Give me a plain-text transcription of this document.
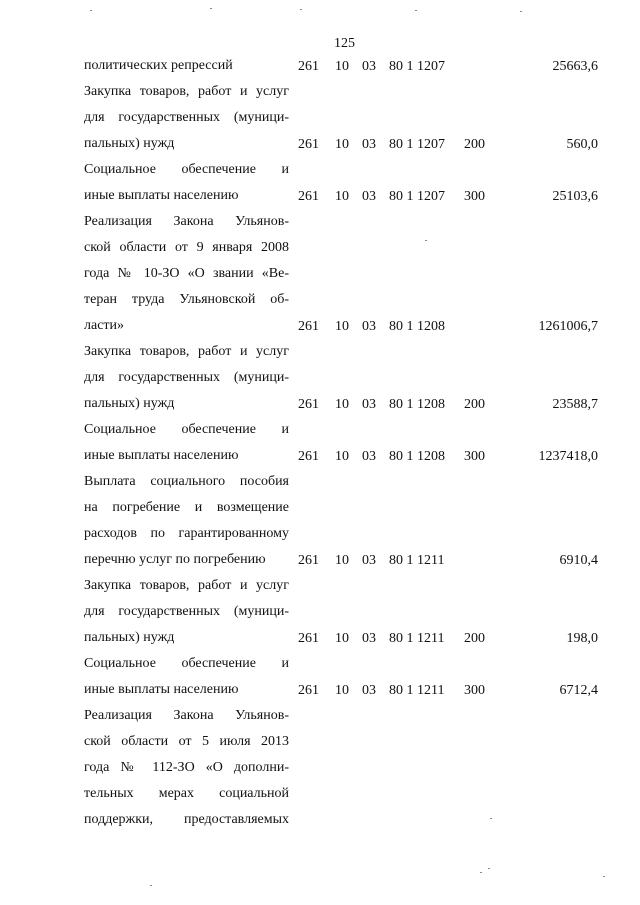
125
политических репрессий	261 10 03 80 1 1207	25663,6
Закупка товаров, работ и услуг
для государственных (муници-
пальных) нужд	261 10 03 80 1 1207 200	560,0
Социальное обеспечение и
иные выплаты населению	261 10 03 80 1 1207 300	25103,6
Реализация Закона Ульянов-
ской области от 9 января 2008
года № 10-ЗО «О звании «Ве-
теран труда Ульяновской об-
ласти»	261 10 03 80 1 1208	1261006,7
Закупка товаров, работ и услуг
для государственных (муници-
пальных) нужд	261 10 03 80 1 1208 200	23588,7
Социальное обеспечение и
иные выплаты населению	261 10 03 80 1 1208 300	1237418,0
Выплата социального пособия
на погребение и возмещение
расходов по гарантированному
перечню услуг по погребению	261 10 03 80 1 1211	6910,4
Закупка товаров, работ и услуг
для государственных (муници-
пальных) нужд	261 10 03 80 1 1211 200	198,0
Социальное обеспечение и
иные выплаты населению	261 10 03 80 1 1211 300	6712,4
Реализация Закона Ульянов-
ской области от 5 июля 2013
года № 112-ЗО «О дополни-
тельных мерах социальной
поддержки, предоставляемых
